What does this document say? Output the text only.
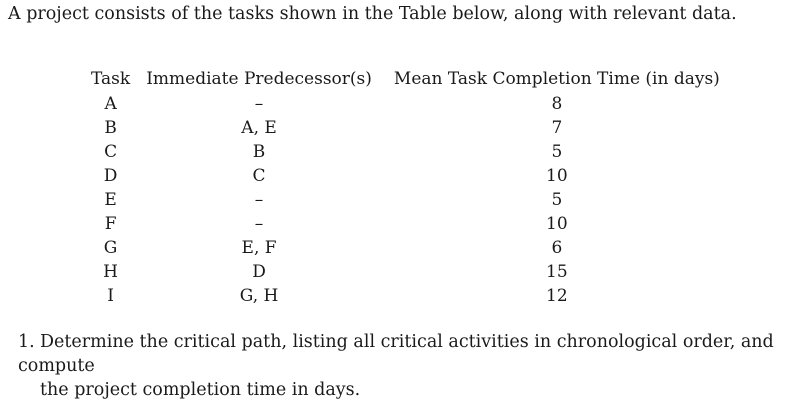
A project consists of the tasks shown in the Table below, along with relevant data.
Task	Immediate Predecessor(s)	Mean Task Completion Time (in days)
A	–	8
B	A, E	7
C	B	5
D	C	10
E	–	5
F	–	10
G	E, F	6
H	D	15
I	G, H	12
1. Determine the critical path, listing all critical activities in chronological order, and compute
the project completion time in days.
